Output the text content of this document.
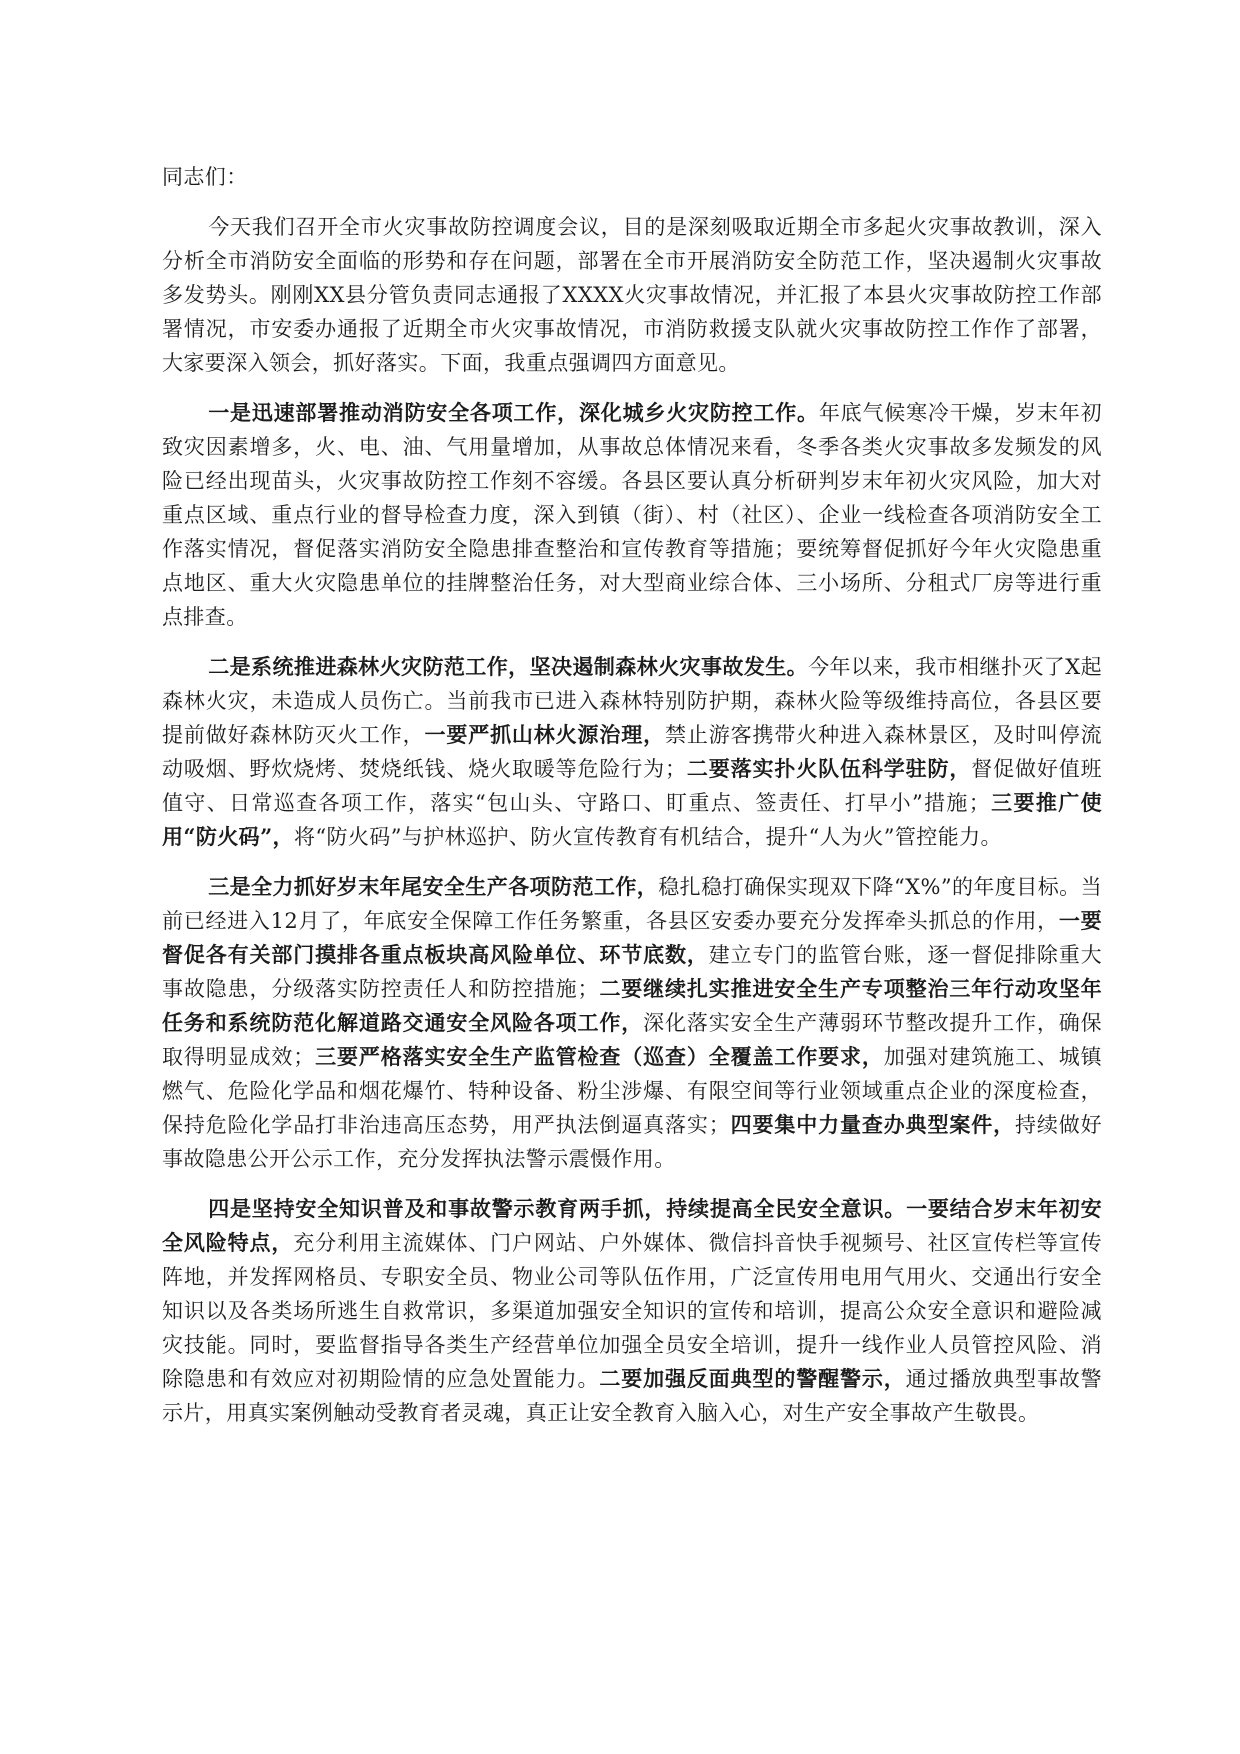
同志们：

今天我们召开全市火灾事故防控调度会议，目的是深刻吸取近期全市多起火灾事故教训，深入分析全市消防安全面临的形势和存在问题，部署在全市开展消防安全防范工作，坚决遏制火灾事故多发势头。刚刚XX县分管负责同志通报了XXXX火灾事故情况，并汇报了本县火灾事故防控工作部署情况，市安委办通报了近期全市火灾事故情况，市消防救援支队就火灾事故防控工作作了部署，大家要深入领会，抓好落实。下面，我重点强调四方面意见。

一是迅速部署推动消防安全各项工作，深化城乡火灾防控工作。年底气候寒冷干燥，岁末年初致灾因素增多，火、电、油、气用量增加，从事故总体情况来看，冬季各类火灾事故多发频发的风险已经出现苗头，火灾事故防控工作刻不容缓。各县区要认真分析研判岁末年初火灾风险，加大对重点区域、重点行业的督导检查力度，深入到镇（街）、村（社区）、企业一线检查各项消防安全工作落实情况，督促落实消防安全隐患排查整治和宣传教育等措施；要统筹督促抓好今年火灾隐患重点地区、重大火灾隐患单位的挂牌整治任务，对大型商业综合体、三小场所、分租式厂房等进行重点排查。

二是系统推进森林火灾防范工作，坚决遏制森林火灾事故发生。今年以来，我市相继扑灭了X起森林火灾，未造成人员伤亡。当前我市已进入森林特别防护期，森林火险等级维持高位，各县区要提前做好森林防灭火工作，一要严抓山林火源治理，禁止游客携带火种进入森林景区，及时叫停流动吸烟、野炊烧烤、焚烧纸钱、烧火取暖等危险行为；二要落实扑火队伍科学驻防，督促做好值班值守、日常巡查各项工作，落实“包山头、守路口、盯重点、签责任、打早小”措施；三要推广使用“防火码”，将“防火码”与护林巡护、防火宣传教育有机结合，提升“人为火”管控能力。

三是全力抓好岁末年尾安全生产各项防范工作，稳扎稳打确保实现双下降“X%”的年度目标。当前已经进入12月了，年底安全保障工作任务繁重，各县区安委办要充分发挥牵头抓总的作用，一要督促各有关部门摸排各重点板块高风险单位、环节底数，建立专门的监管台账，逐一督促排除重大事故隐患，分级落实防控责任人和防控措施；二要继续扎实推进安全生产专项整治三年行动攻坚年任务和系统防范化解道路交通安全风险各项工作，深化落实安全生产薄弱环节整改提升工作，确保取得明显成效；三要严格落实安全生产监管检查（巡查）全覆盖工作要求，加强对建筑施工、城镇燃气、危险化学品和烟花爆竹、特种设备、粉尘涉爆、有限空间等行业领域重点企业的深度检查，保持危险化学品打非治违高压态势，用严执法倒逼真落实；四要集中力量查办典型案件，持续做好事故隐患公开公示工作，充分发挥执法警示震慑作用。

四是坚持安全知识普及和事故警示教育两手抓，持续提高全民安全意识。一要结合岁末年初安全风险特点，充分利用主流媒体、门户网站、户外媒体、微信抖音快手视频号、社区宣传栏等宣传阵地，并发挥网格员、专职安全员、物业公司等队伍作用，广泛宣传用电用气用火、交通出行安全知识以及各类场所逃生自救常识，多渠道加强安全知识的宣传和培训，提高公众安全意识和避险减灾技能。同时，要监督指导各类生产经营单位加强全员安全培训，提升一线作业人员管控风险、消除隐患和有效应对初期险情的应急处置能力。二要加强反面典型的警醒警示，通过播放典型事故警示片，用真实案例触动受教育者灵魂，真正让安全教育入脑入心，对生产安全事故产生敬畏。
